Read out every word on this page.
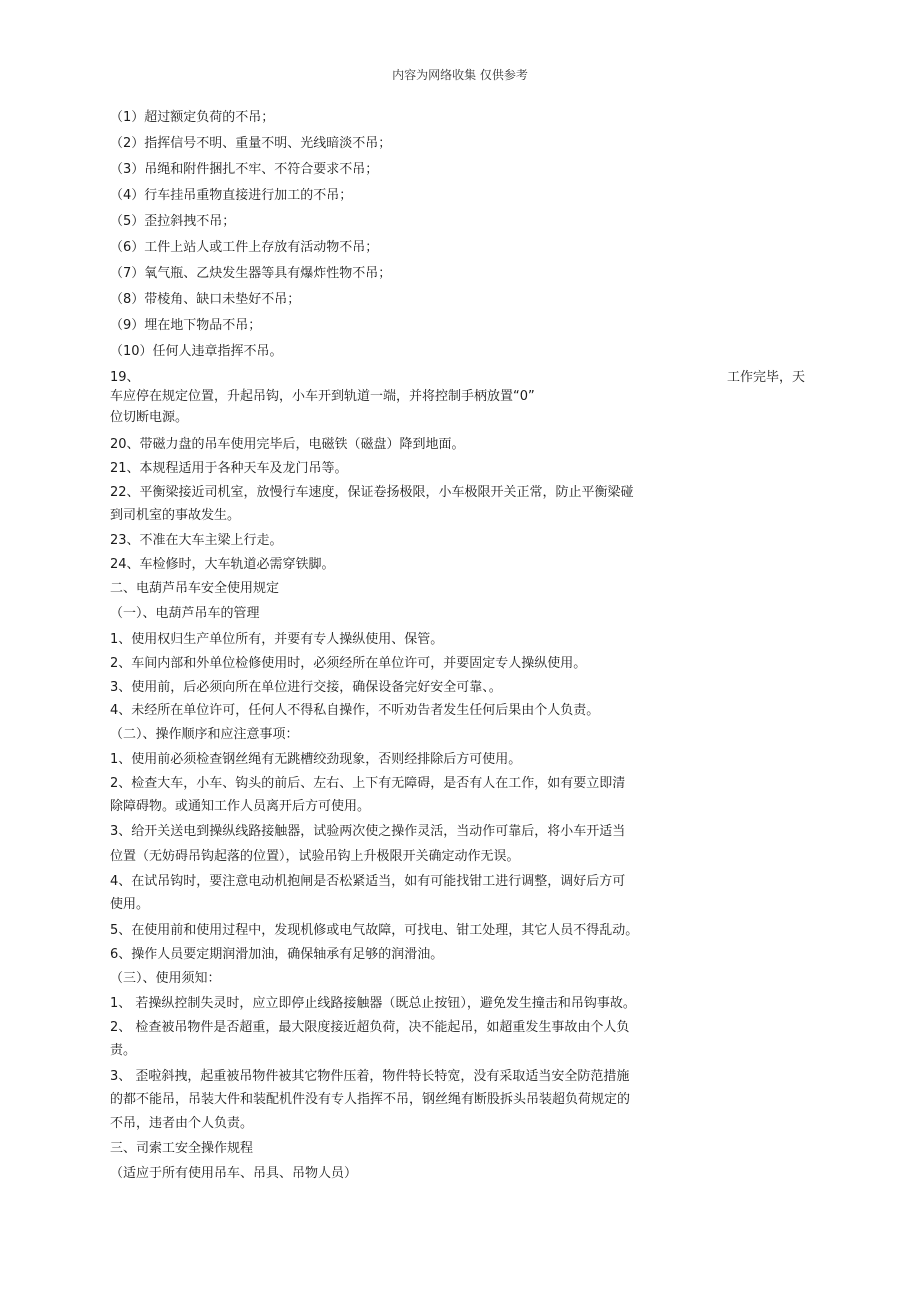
内容为网络收集 仅供参考
（1）超过额定负荷的不吊；
（2）指挥信号不明、重量不明、光线暗淡不吊；
（3）吊绳和附件捆扎不牢、不符合要求不吊；
（4）行车挂吊重物直接进行加工的不吊；
（5）歪拉斜拽不吊；
（6）工件上站人或工件上存放有活动物不吊；
（7）氧气瓶、乙炔发生器等具有爆炸性物不吊；
（8）带棱角、缺口未垫好不吊；
（9）埋在地下物品不吊；
（10）任何人违章指挥不吊。
19、	工作完毕，天
车应停在规定位置，升起吊钩，小车开到轨道一端，并将控制手柄放置“0”
位切断电源。
20、带磁力盘的吊车使用完毕后，电磁铁（磁盘）降到地面。
21、本规程适用于各种天车及龙门吊等。
22、平衡梁接近司机室，放慢行车速度，保证卷扬极限，小车极限开关正常，防止平衡梁碰
到司机室的事故发生。
23、不准在大车主梁上行走。
24、车检修时，大车轨道必需穿铁脚。
二、电葫芦吊车安全使用规定
（一）、电葫芦吊车的管理
1、使用权归生产单位所有，并要有专人操纵使用、保管。
2、车间内部和外单位检修使用时，必须经所在单位许可，并要固定专人操纵使用。
3、使用前，后必须向所在单位进行交接，确保设备完好安全可靠、。
4、未经所在单位许可，任何人不得私自操作，不听劝告者发生任何后果由个人负责。
（二）、操作顺序和应注意事项：
1、使用前必须检查钢丝绳有无跳槽绞劲现象，否则经排除后方可使用。
2、检查大车，小车、钩头的前后、左右、上下有无障碍，是否有人在工作，如有要立即清
除障碍物。或通知工作人员离开后方可使用。
3、给开关送电到操纵线路接触器，试验两次使之操作灵活，当动作可靠后，将小车开适当
位置（无妨碍吊钩起落的位置），试验吊钩上升极限开关确定动作无误。
4、在试吊钩时，要注意电动机抱闸是否松紧适当，如有可能找钳工进行调整，调好后方可
使用。
5、在使用前和使用过程中，发现机修或电气故障，可找电、钳工处理，其它人员不得乱动。
6、操作人员要定期润滑加油，确保轴承有足够的润滑油。
（三）、使用须知：
1、 若操纵控制失灵时，应立即停止线路接触器（既总止按钮），避免发生撞击和吊钩事故。
2、 检查被吊物件是否超重，最大限度接近超负荷，决不能起吊，如超重发生事故由个人负
责。
3、 歪啦斜拽，起重被吊物件被其它物件压着，物件特长特宽，没有采取适当安全防范措施
的都不能吊，吊装大件和装配机件没有专人指挥不吊，钢丝绳有断股拆头吊装超负荷规定的
不吊，违者由个人负责。
三、司索工安全操作规程
（适应于所有使用吊车、吊具、吊物人员）
